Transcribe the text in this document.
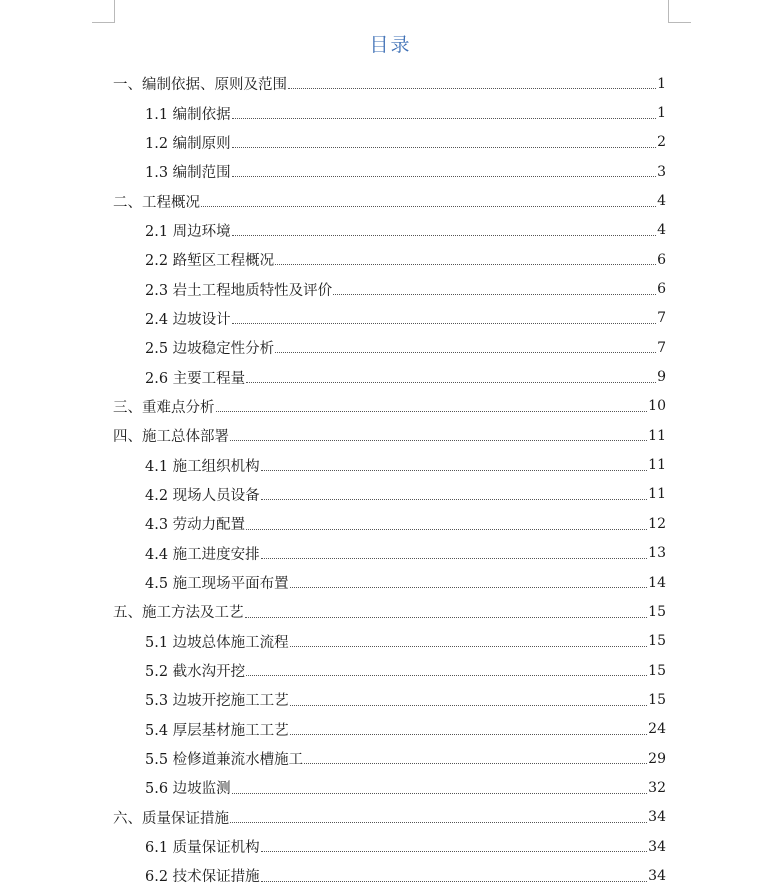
目录
一、编制依据、原则及范围	1
1.1 编制依据	1
1.2 编制原则	2
1.3 编制范围	3
二、工程概况	4
2.1 周边环境	4
2.2 路堑区工程概况	6
2.3 岩土工程地质特性及评价	6
2.4 边坡设计	7
2.5 边坡稳定性分析	7
2.6 主要工程量	9
三、重难点分析	10
四、施工总体部署	11
4.1 施工组织机构	11
4.2 现场人员设备	11
4.3 劳动力配置	12
4.4 施工进度安排	13
4.5 施工现场平面布置	14
五、施工方法及工艺	15
5.1 边坡总体施工流程	15
5.2 截水沟开挖	15
5.3 边坡开挖施工工艺	15
5.4 厚层基材施工工艺	24
5.5 检修道兼流水槽施工	29
5.6 边坡监测	32
六、质量保证措施	34
6.1 质量保证机构	34
6.2 技术保证措施	34
